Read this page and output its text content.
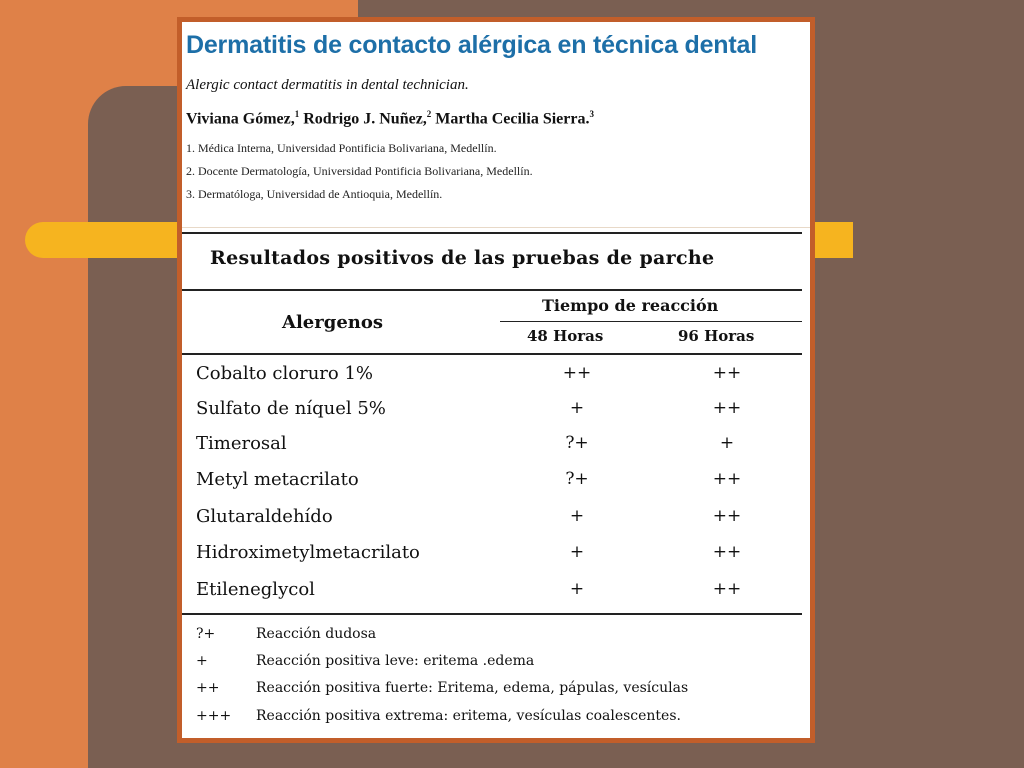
Dermatitis de contacto alérgica en técnica dental
Alergic contact dermatitis in dental technician.
Viviana Gómez,$^1$ Rodrigo J. Nuñez,$^2$ Martha Cecilia Sierra.$^3$
1. Médica Interna, Universidad Pontificia Bolivariana, Medellín.
2. Docente Dermatología, Universidad Pontificia Bolivariana, Medellín.
3. Dermatóloga, Universidad de Antioquia, Medellín.
Resultados positivos de las pruebas de parche
Alergenos
Tiempo de reacción
48 Horas	96 Horas
Cobalto cloruro 1%	++	++
Sulfato de níquel 5%	+	++
Timerosal	?+	+
Metyl metacrilato	?+	++
Glutaraldehído	+	++
Hidroximetylmetacrilato	+	++
Etileneglycol	+	++
?+	Reacción dudosa
+	Reacción positiva leve: eritema .edema
++	Reacción positiva fuerte: Eritema, edema, pápulas, vesículas
+++ Reacción positiva extrema: eritema, vesículas coalescentes.
